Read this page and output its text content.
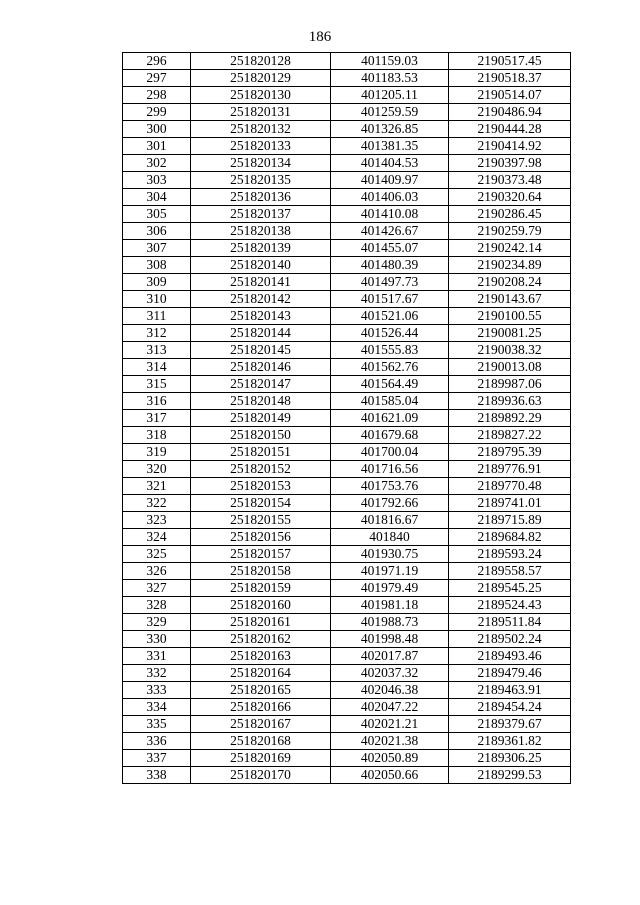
186
296	251820128	401159.03	2190517.45
297	251820129	401183.53	2190518.37
298	251820130	401205.11	2190514.07
299	251820131	401259.59	2190486.94
300	251820132	401326.85	2190444.28
301	251820133	401381.35	2190414.92
302	251820134	401404.53	2190397.98
303	251820135	401409.97	2190373.48
304	251820136	401406.03	2190320.64
305	251820137	401410.08	2190286.45
306	251820138	401426.67	2190259.79
307	251820139	401455.07	2190242.14
308	251820140	401480.39	2190234.89
309	251820141	401497.73	2190208.24
310	251820142	401517.67	2190143.67
311	251820143	401521.06	2190100.55
312	251820144	401526.44	2190081.25
313	251820145	401555.83	2190038.32
314	251820146	401562.76	2190013.08
315	251820147	401564.49	2189987.06
316	251820148	401585.04	2189936.63
317	251820149	401621.09	2189892.29
318	251820150	401679.68	2189827.22
319	251820151	401700.04	2189795.39
320	251820152	401716.56	2189776.91
321	251820153	401753.76	2189770.48
322	251820154	401792.66	2189741.01
323	251820155	401816.67	2189715.89
324	251820156	401840	2189684.82
325	251820157	401930.75	2189593.24
326	251820158	401971.19	2189558.57
327	251820159	401979.49	2189545.25
328	251820160	401981.18	2189524.43
329	251820161	401988.73	2189511.84
330	251820162	401998.48	2189502.24
331	251820163	402017.87	2189493.46
332	251820164	402037.32	2189479.46
333	251820165	402046.38	2189463.91
334	251820166	402047.22	2189454.24
335	251820167	402021.21	2189379.67
336	251820168	402021.38	2189361.82
337	251820169	402050.89	2189306.25
338	251820170	402050.66	2189299.53
